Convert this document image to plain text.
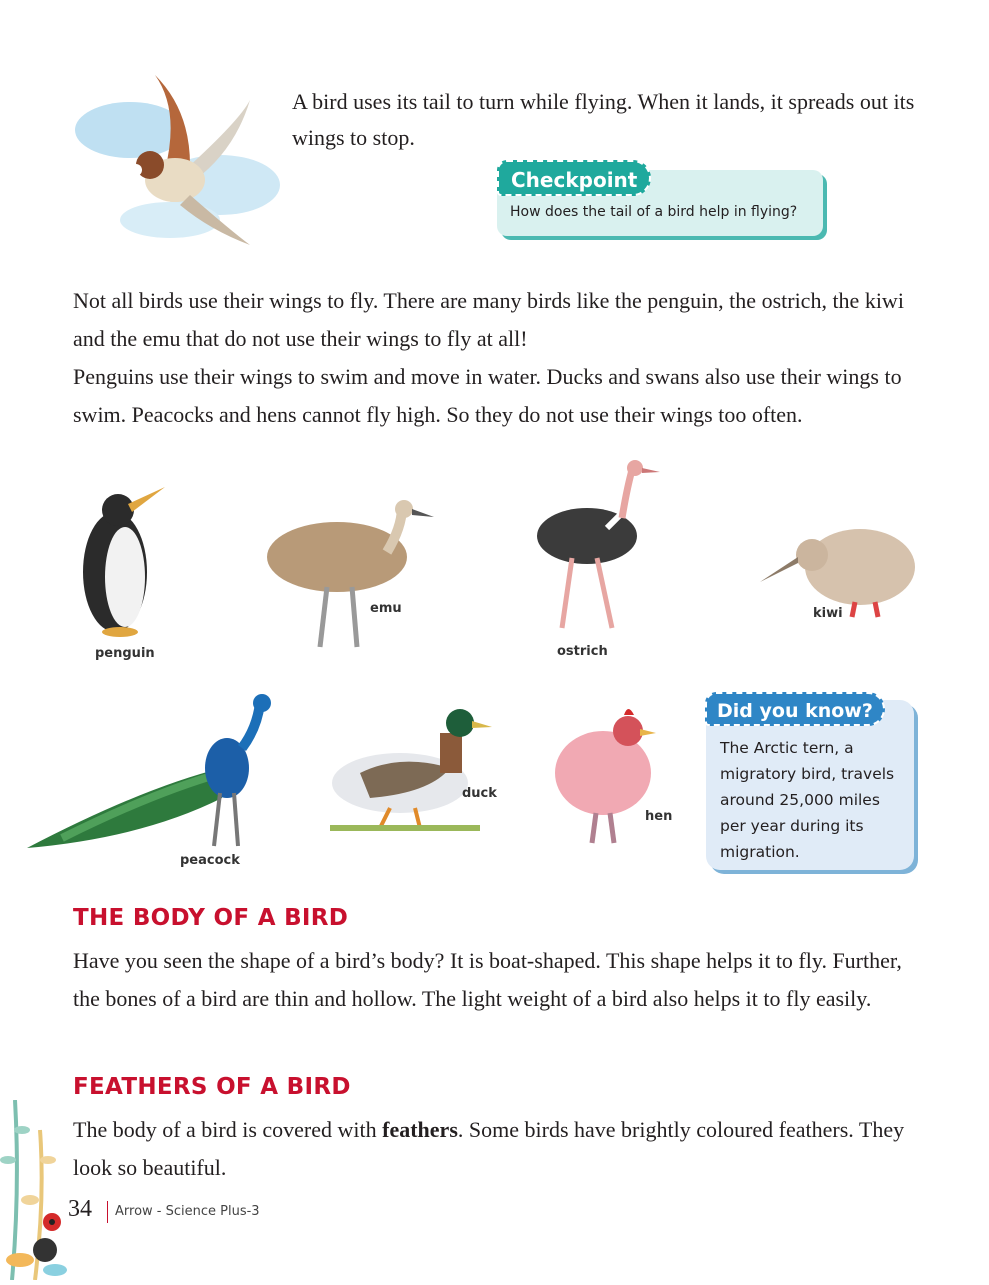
A bird uses its tail to turn while flying. When it lands, it spreads out its wings to stop.
Checkpoint
How does the tail of a bird help in flying?
Not all birds use their wings to fly. There are many birds like the penguin, the ostrich, the kiwi and the emu that do not use their wings to fly at all!
Penguins use their wings to swim and move in water. Ducks and swans also use their wings to swim. Peacocks and hens cannot fly high. So they do not use their wings too often.
penguin
emu
ostrich
kiwi
peacock
duck
hen
Did you know?
The Arctic tern, a migratory bird, travels around 25,000 miles per year during its migration.
THE BODY OF A BIRD
Have you seen the shape of a bird’s body? It is boat-shaped. This shape helps it to fly. Further, the bones of a bird are thin and hollow. The light weight of a bird also helps it to fly easily.
FEATHERS OF A BIRD
The body of a bird is covered with feathers. Some birds have brightly coloured feathers. They look so beautiful.
34 Arrow - Science Plus-3
